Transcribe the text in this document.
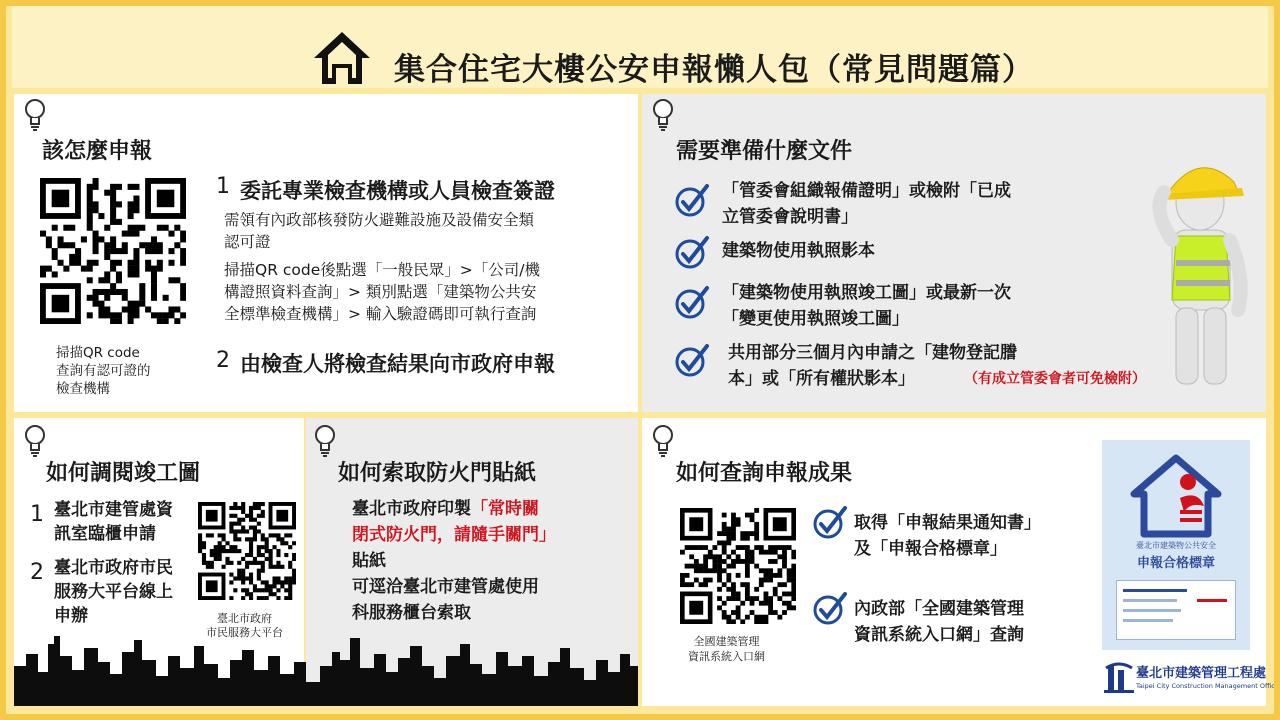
集合住宅大樓公安申報懶人包（常見問題篇）
該怎麼申報
掃描QR code
查詢有認可證的
檢查機構
1 委託專業檢查機構或人員檢查簽證
需領有內政部核發防火避難設施及設備安全類
認可證
掃描QR code後點選「一般民眾」>「公司/機
構證照資料查詢」> 類別點選「建築物公共安
全標準檢查機構」> 輸入驗證碼即可執行查詢
2 由檢查人將檢查結果向市政府申報
需要準備什麼文件
「管委會組織報備證明」或檢附「已成
立管委會說明書」
建築物使用執照影本
「建築物使用執照竣工圖」或最新一次
「變更使用執照竣工圖」
共用部分三個月內申請之「建物登記謄
本」或「所有權狀影本」	（有成立管委會者可免檢附）
如何調閱竣工圖
1 臺北市建管處資
訊室臨櫃申請
2 臺北市政府市民
服務大平台線上
申辦	臺北市政府
市民服務大平台
如何索取防火門貼紙
臺北市政府印製「常時關
閉式防火門，請隨手關門」
貼紙
可逕洽臺北市建管處使用
科服務櫃台索取
如何查詢申報成果
全國建築管理
資訊系統入口網
取得「申報結果通知書」
及「申報合格標章」
內政部「全國建築管理
資訊系統入口網」查詢
臺北市建築物公共安全
申報合格標章
臺北市建築管理工程處
Taipei City Construction Management Office
